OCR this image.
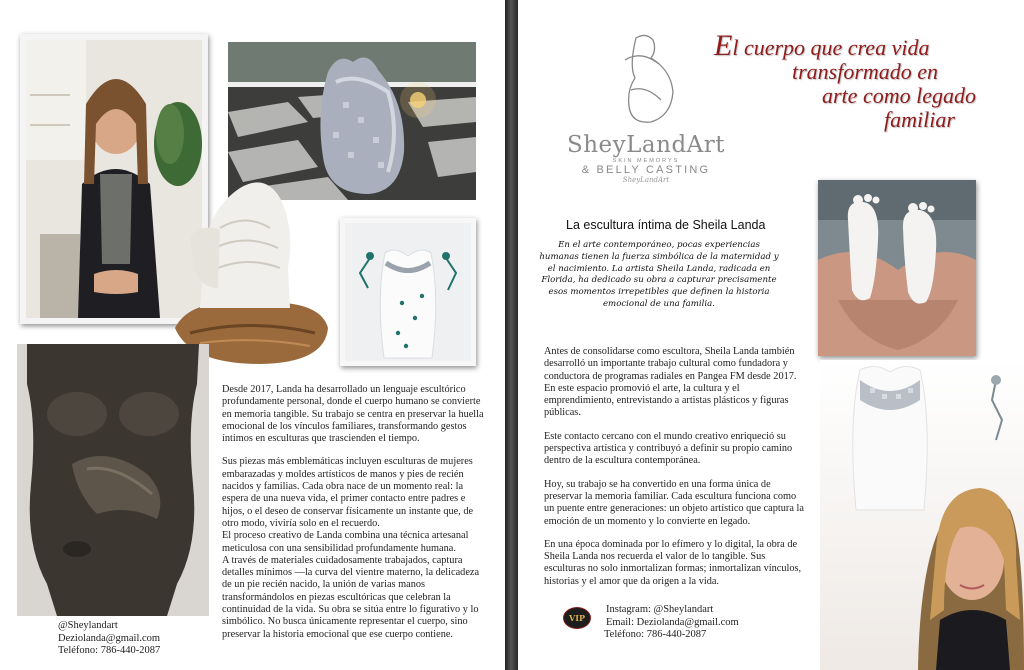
Desde 2017, Landa ha desarrollado un lenguaje escultórico profundamente personal, donde el cuerpo humano se convierte en memoria tangible. Su trabajo se centra en preservar la huella emocional de los vínculos familiares, transformando gestos íntimos en esculturas que trascienden el tiempo.

Sus piezas más emblemáticas incluyen esculturas de mujeres embarazadas y moldes artísticos de manos y pies de recién nacidos y familias. Cada obra nace de un momento real: la espera de una nueva vida, el primer contacto entre padres e hijos, o el deseo de conservar físicamente un instante que, de otro modo, viviría solo en el recuerdo.

El proceso creativo de Landa combina una técnica artesanal meticulosa con una sensibilidad profundamente humana.

A través de materiales cuidadosamente trabajados, captura detalles mínimos —la curva del vientre materno, la delicadeza de un pie recién nacido, la unión de varias manos transformándolos en piezas escultóricas que celebran la continuidad de la vida. Su obra se sitúa entre lo figurativo y lo simbólico. No busca únicamente representar el cuerpo, sino preservar la historia emocional que ese cuerpo contiene.

@Sheylandart
Deziolanda@gmail.com
Teléfono: 786-440-2087
SheyLandArt
SKIN MEMORYS
& BELLY CASTING
SheyLandArt
El cuerpo que crea vida
transformado en
arte como legado
familiar
La escultura íntima de Sheila Landa
En el arte contemporáneo, pocas experiencias humanas tienen la fuerza simbólica de la maternidad y el nacimiento. La artista Sheila Landa, radicada en Florida, ha dedicado su obra a capturar precisamente esos momentos irrepetibles que definen la historia emocional de una familia.

Antes de consolidarse como escultora, Sheila Landa también desarrolló un importante trabajo cultural como fundadora y conductora de programas radiales en Pangea FM desde 2017. En este espacio promovió el arte, la cultura y el emprendimiento, entrevistando a artistas plásticos y figuras públicas.

Este contacto cercano con el mundo creativo enriqueció su perspectiva artística y contribuyó a definir su propio camino dentro de la escultura contemporánea.

Hoy, su trabajo se ha convertido en una forma única de preservar la memoria familiar. Cada escultura funciona como un puente entre generaciones: un objeto artístico que captura la emoción de un momento y lo convierte en legado.

En una época dominada por lo efímero y lo digital, la obra de Sheila Landa nos recuerda el valor de lo tangible. Sus esculturas no solo inmortalizan formas; inmortalizan vínculos, historias y el amor que da origen a la vida.

VIP
Instagram: @Sheylandart
Email: Deziolanda@gmail.com
Teléfono: 786-440-2087
